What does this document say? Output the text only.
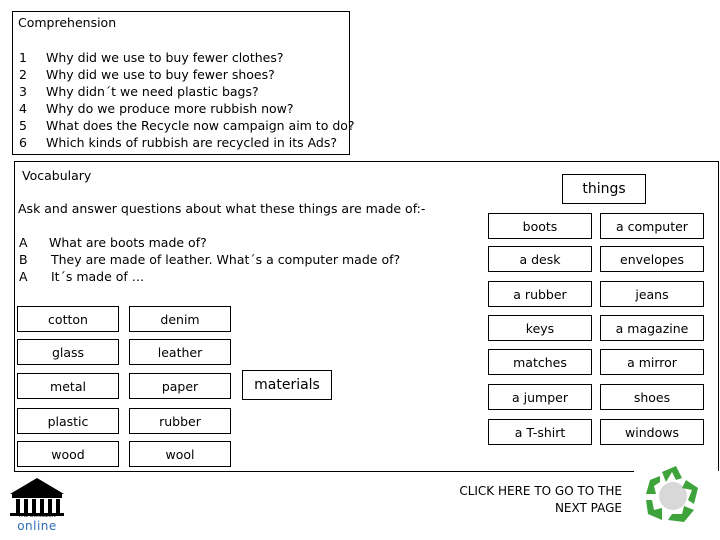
Comprehension
1	Why did we use to buy fewer clothes?
2	Why did we use to buy fewer shoes?
3	Why didn´t we need plastic bags?
4	Why do we produce more rubbish now?
5	What does the Recycle now campaign aim to do?
6	Which kinds of rubbish are recycled in its Ads?
Vocabulary
Ask and answer questions about what these things are made of:-
A What are boots made of?
B They are made of leather. What´s a computer made of?
A It´s made of …
cotton	denim
glass	leather
metal	paper
plastic	rubber
wood	wool
materials
things
boots	a computer
a desk	envelopes
a rubber	jeans
keys	a magazine
matches	a mirror
a jumper	shoes
a T-shirt	windows
THE DUNGEON
online
CLICK HERE TO GO TO THE
NEXT PAGE
